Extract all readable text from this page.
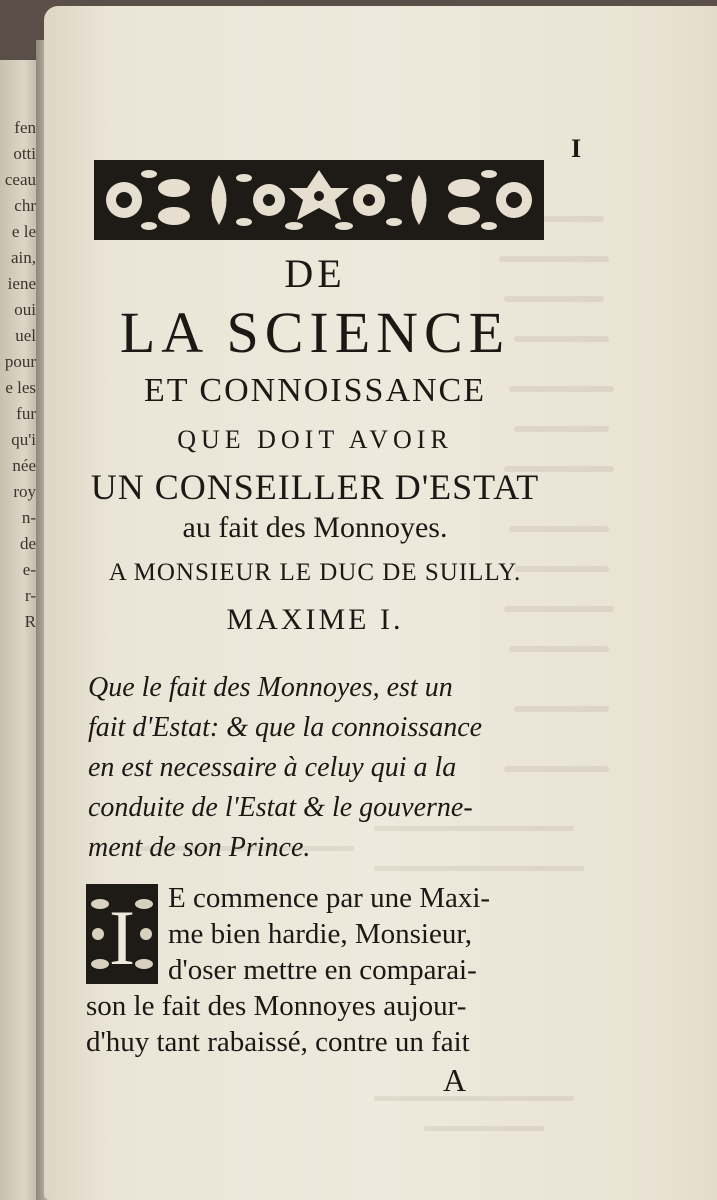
fen
otti
ceau
chr
e le
ain,
iene
oui
uel
pour
e les
fur
qu'i
née
roy
n-
de
e-
r-
R
I
DE
LA SCIENCE
ET CONNOISSANCE
QUE DOIT AVOIR
UN CONSEILLER D'ESTAT
au fait des Monnoyes.
A MONSIEUR LE DUC DE SUILLY.
MAXIME I.
Que le fait des Monnoyes, est un
fait d'Estat: & que la connoissance
en est necessaire à celuy qui a la
conduite de l'Estat & le gouverne-
ment de son Prince.
I	E commence par une Maxi-
me bien hardie, Monsieur,
d'oser mettre en comparai-
son le fait des Monnoyes aujour-
d'huy tant rabaissé, contre un fait
A
